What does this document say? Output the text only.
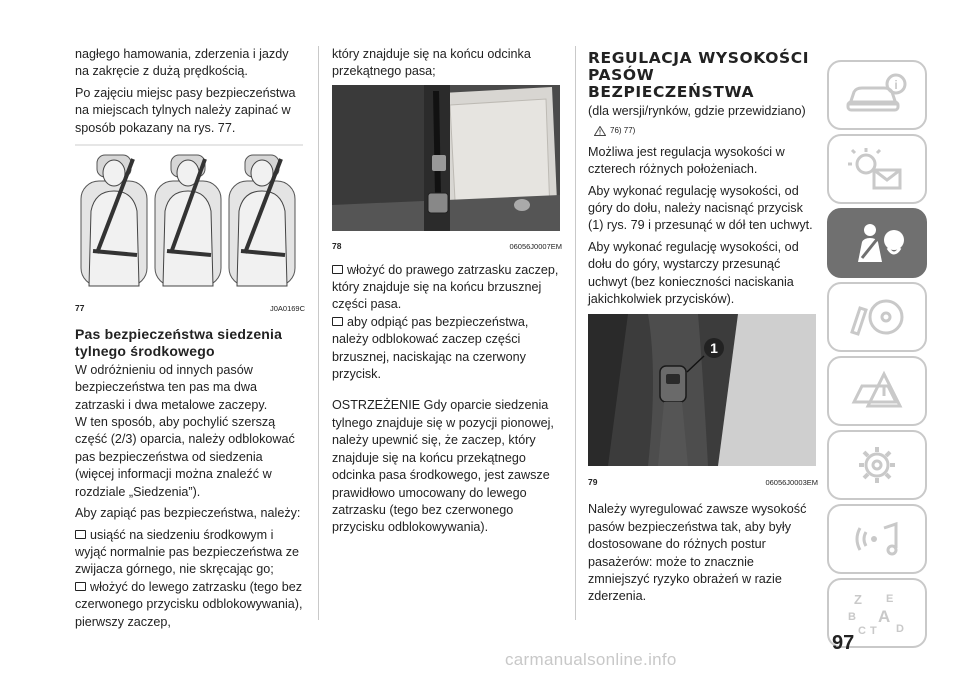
nagłego hamowania, zderzenia i jazdy na zakręcie z dużą prędkością.

Po zajęciu miejsc pasy bezpieczeństwa na miejscach tylnych należy zapinać w sposób pokazany na rys. 77.

77	J0A0169C
Pas bezpieczeństwa siedzenia tylnego środkowego

W odróżnieniu od innych pasów bezpieczeństwa ten pas ma dwa zatrzaski i dwa metalowe zaczepy.

W ten sposób, aby pochylić szerszą część (2/3) oparcia, należy odblokować pas bezpieczeństwa od siedzenia (więcej informacji można znaleźć w rozdziale „Siedzenia”).

Aby zapiąć pas bezpieczeństwa, należy:

usiąść na siedzeniu środkowym i wyjąć normalnie pas bezpieczeństwa ze zwijacza górnego, nie skręcając go;

włożyć do lewego zatrzasku (tego bez czerwonego przycisku odblokowywania), pierwszy zaczep,

który znajduje się na końcu odcinka przekątnego pasa;

78	06056J0007EM

włożyć do prawego zatrzasku zaczep, który znajduje się na końcu brzusznej części pasa.

aby odpiąć pas bezpieczeństwa, należy odblokować zaczep części brzusznej, naciskając na czerwony przycisk.

OSTRZEŻENIE Gdy oparcie siedzenia tylnego znajduje się w pozycji pionowej, należy upewnić się, że zaczep, który znajduje się na końcu przekątnego odcinka pasa środkowego, jest zawsze prawidłowo umocowany do lewego zatrzasku (tego bez czerwonego przycisku odblokowywania).

REGULACJA WYSOKOŚCI PASÓW BEZPIECZEŃSTWA

(dla wersji/rynków, gdzie przewidziano)

76) 77)

Możliwa jest regulacja wysokości w czterech różnych położeniach.

Aby wykonać regulację wysokości, od góry do dołu, należy nacisnąć przycisk (1) rys. 79 i przesunąć w dół ten uchwyt.

Aby wykonać regulację wysokości, od dołu do góry, wystarczy przesunąć uchwyt (bez konieczności naciskania jakichkolwiek przycisków).

1
79	06056J0003EM

Należy wyregulować zawsze wysokość pasów bezpieczeństwa tak, aby były dostosowane do różnych postur pasażerów: może to znacznie zmniejszyć ryzyko obrażeń w razie zderzenia.

i
Z E
B A
C T D
97
carmanualsonline.info
